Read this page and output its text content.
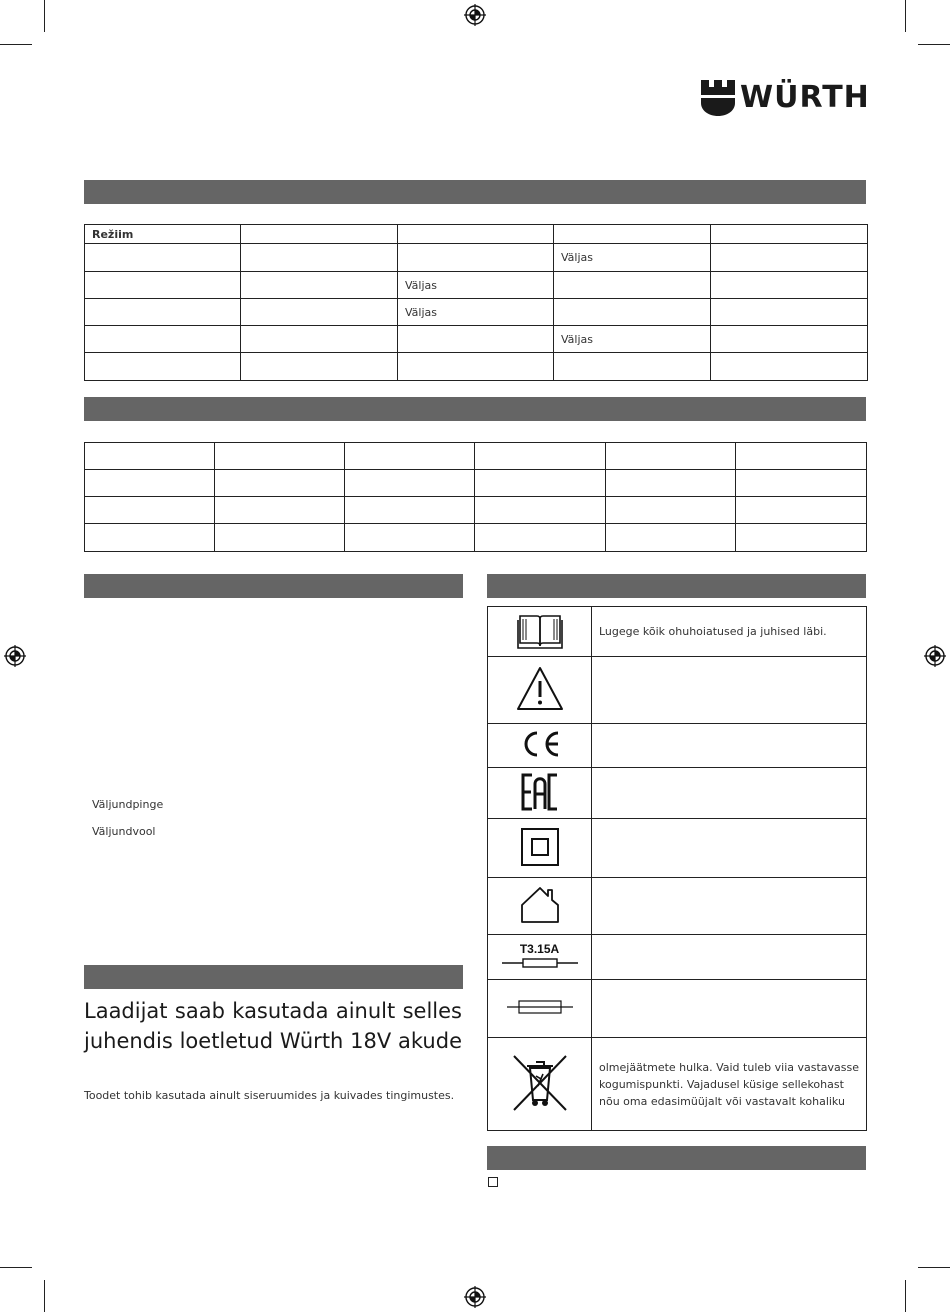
WÜRTH
Režiim				
			Väljas	
		Väljas		
		Väljas		
			Väljas	

Väljundpinge
Väljundvool
Laadijat saab kasutada ainult selles juhendis loetletud Würth 18V akude
Toodet tohib kasutada ainult siseruumides ja kuivades tingimustes.
	Lugege kõik ohuhoiatused ja juhised läbi.

T3.15A	

	olmejäätmete hulka. Vaid tuleb viia vastavasse kogumispunkti. Vajadusel küsige sellekohast nõu oma edasimüüjalt või vastavalt kohaliku
